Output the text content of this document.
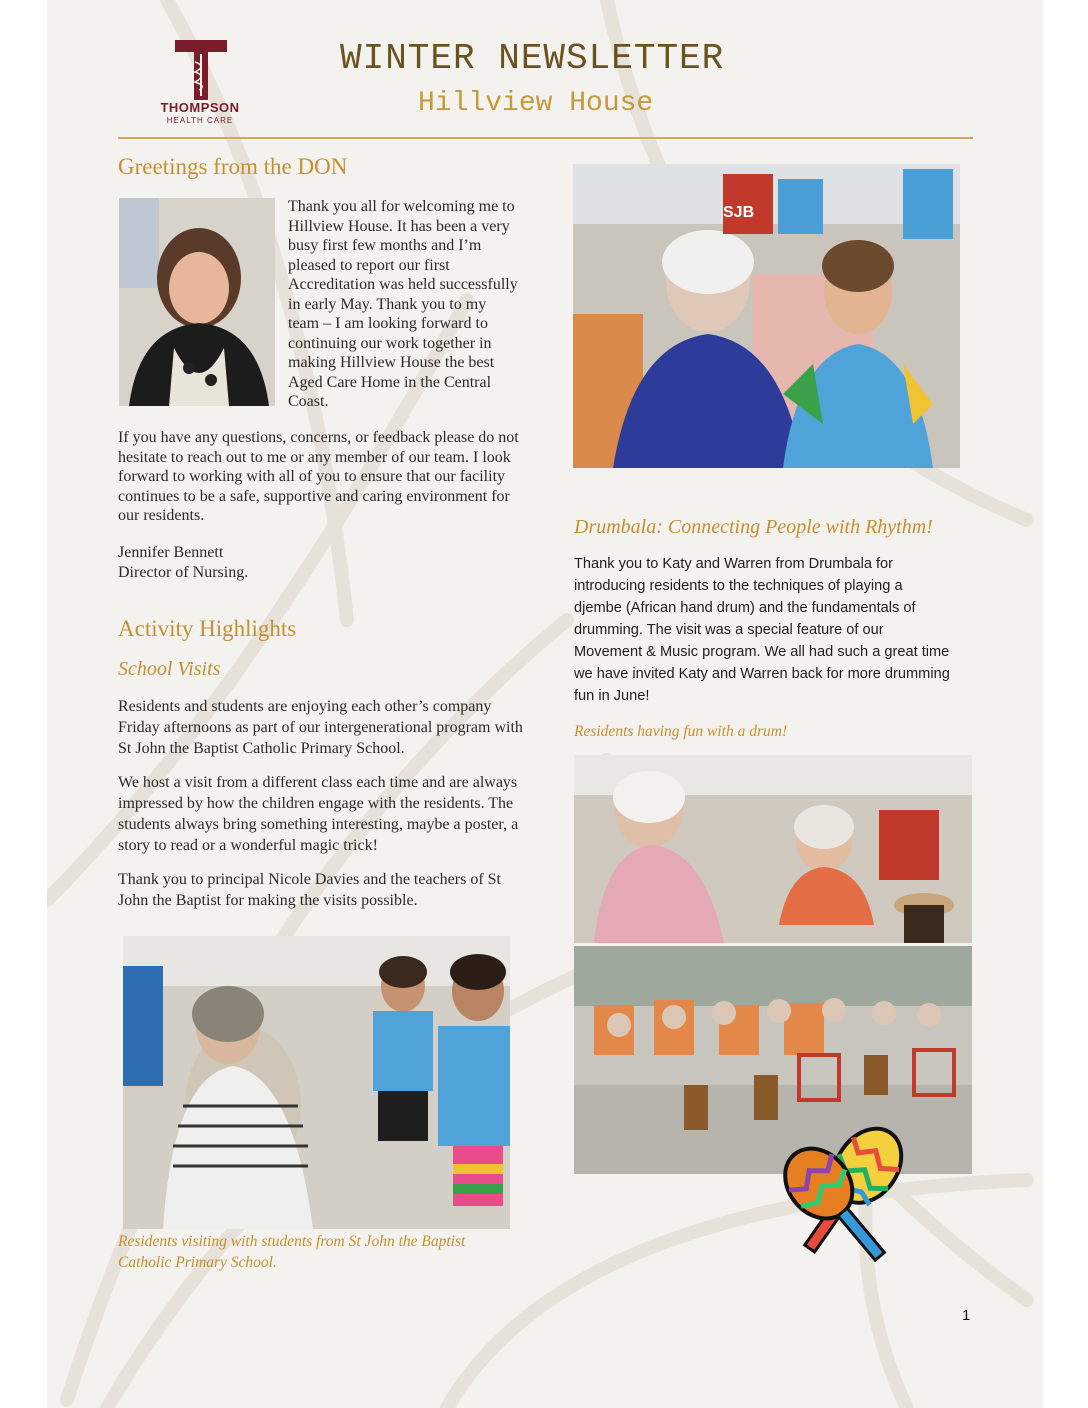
SJB
THOMPSON
HEALTH CARE
WINTER NEWSLETTER
Hillview House
Greetings from the DON

Thank you all for welcoming me to Hillview House. It has been a very busy first few months and I’m pleased to report our first Accreditation was held successfully in early May. Thank you to my team – I am looking forward to continuing our work together in making Hillview House the best Aged Care Home in the Central Coast.

If you have any questions, concerns, or feedback please do not hesitate to reach out to me or any member of our team. I look forward to working with all of you to ensure that our facility continues to be a safe, supportive and caring environment for our residents.

Jennifer Bennett

Director of Nursing.

Activity Highlights
School Visits

Residents and students are enjoying each other’s company Friday afternoons as part of our intergenerational program with St John the Baptist Catholic Primary School.

We host a visit from a different class each time and are always impressed by how the children engage with the residents. The students always bring something interesting, maybe a poster, a story to read or a wonderful magic trick!

Thank you to principal Nicole Davies and the teachers of St John the Baptist for making the visits possible.

Residents visiting with students from St John the Baptist Catholic Primary School.

Drumbala: Connecting People with Rhythm!

Thank you to Katy and Warren from Drumbala for introducing residents to the techniques of playing a djembe (African hand drum) and the fundamentals of drumming. The visit was a special feature of our Movement & Music program. We all had such a great time we have invited Katy and Warren back for more drumming fun in June!

Residents having fun with a drum!

1
